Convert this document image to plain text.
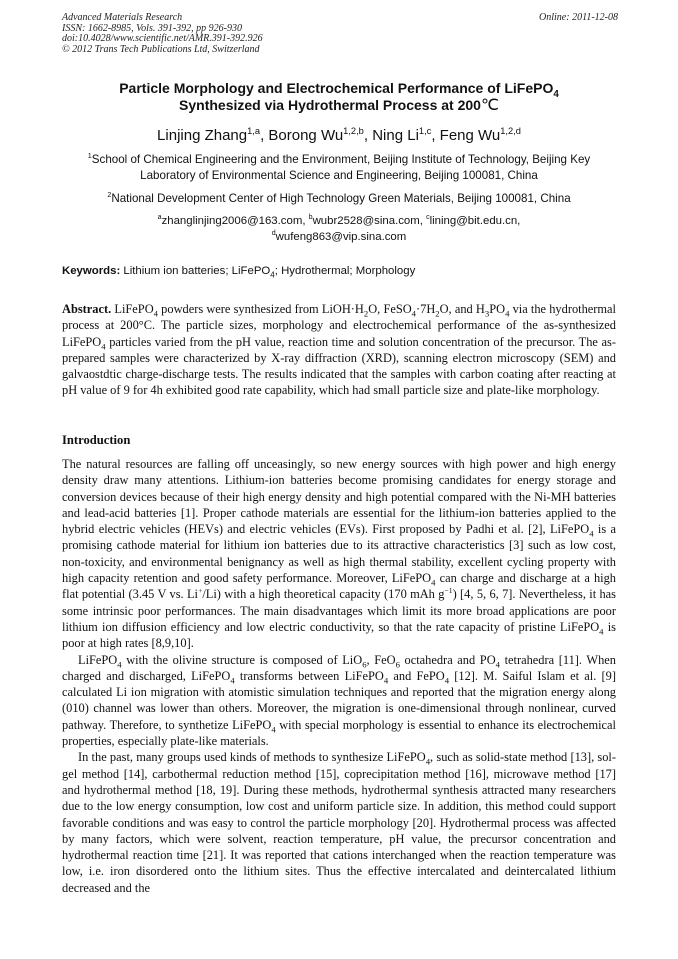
Advanced Materials Research
ISSN: 1662-8985, Vols. 391-392, pp 926-930
doi:10.4028/www.scientific.net/AMR.391-392.926
© 2012 Trans Tech Publications Ltd, Switzerland
Online: 2011-12-08
Particle Morphology and Electrochemical Performance of LiFePO$_4$
Synthesized via Hydrothermal Process at 200℃
Linjing Zhang$^{1,a}$, Borong Wu$^{1,2,b}$, Ning Li$^{1,c}$, Feng Wu$^{1,2,d}$
$^1$School of Chemical Engineering and the Environment, Beijing Institute of Technology, Beijing Key Laboratory of Environmental Science and Engineering, Beijing 100081, China
$^2$National Development Center of High Technology Green Materials, Beijing 100081, China
$^a$zhanglinjing2006@163.com, $^b$wubr2528@sina.com, $^c$lining@bit.edu.cn,
$^d$wufeng863@vip.sina.com
Keywords: Lithium ion batteries; LiFePO$_4$; Hydrothermal; Morphology

Abstract. LiFePO$_4$ powders were synthesized from $LiOH\cdot H_2O$, $FeSO_4\cdot 7H_2O$, and $H_3PO_4$ via the hydrothermal process at 200°C. The particle sizes, morphology and electrochemical performance of the as-synthesized LiFePO$_4$ particles varied from the pH value, reaction time and solution concentration of the precursor. The as-prepared samples were characterized by X-ray diffraction (XRD), scanning electron microscopy (SEM) and galvaostdtic charge-discharge tests. The results indicated that the samples with carbon coating after reacting at pH value of 9 for 4h exhibited good rate capability, which had small particle size and plate-like morphology.

Introduction

The natural resources are falling off unceasingly, so new energy sources with high power and high energy density draw many attentions. Lithium-ion batteries become promising candidates for energy storage and conversion devices because of their high energy density and high potential compared with the Ni-MH batteries and lead-acid batteries [1]. Proper cathode materials are essential for the lithium-ion batteries applied to the hybrid electric vehicles (HEVs) and electric vehicles (EVs). First proposed by Padhi et al. [2], LiFePO$_4$ is a promising cathode material for lithium ion batteries due to its attractive characteristics [3] such as low cost, non-toxicity, and environmental benignancy as well as high thermal stability, excellent cycling property with high capacity retention and good safety performance. Moreover, LiFePO$_4$ can charge and discharge at a high flat potential (3.45 V vs. Li+/Li) with a high theoretical capacity (170 mAh $g^{-1}$) [4, 5, 6, 7]. Nevertheless, it has some intrinsic poor performances. The main disadvantages which limit its more broad applications are poor lithium ion diffusion efficiency and low electric conductivity, so that the rate capacity of pristine LiFePO$_4$ is poor at high rates [8,9,10].

LiFePO$_4$ with the olivine structure is composed of LiO$_6$, FeO$_6$ octahedra and $PO_4$ tetrahedra [11]. When charged and discharged, LiFePO$_4$ transforms between LiFePO$_4$ and FePO$_4$ [12]. M. Saiful Islam et al. [9] calculated Li ion migration with atomistic simulation techniques and reported that the migration energy along (010) channel was lower than others. Moreover, the migration is one-dimensional through nonlinear, curved pathway. Therefore, to synthetize LiFePO$_4$ with special morphology is essential to enhance its electrochemical properties, especially plate-like materials.

In the past, many groups used kinds of methods to synthesize LiFePO$_4$, such as solid-state method [13], sol-gel method [14], carbothermal reduction method [15], coprecipitation method [16], microwave method [17] and hydrothermal method [18, 19]. During these methods, hydrothermal synthesis attracted many researchers due to the low energy consumption, low cost and uniform particle size. In addition, this method could support favorable conditions and was easy to control the particle morphology [20]. Hydrothermal process was affected by many factors, which were solvent, reaction temperature, pH value, the precursor concentration and hydrothermal reaction time [21]. It was reported that cations interchanged when the reaction temperature was low, i.e. iron disordered onto the lithium sites. Thus the effective intercalated and deintercalated lithium decreased and the
